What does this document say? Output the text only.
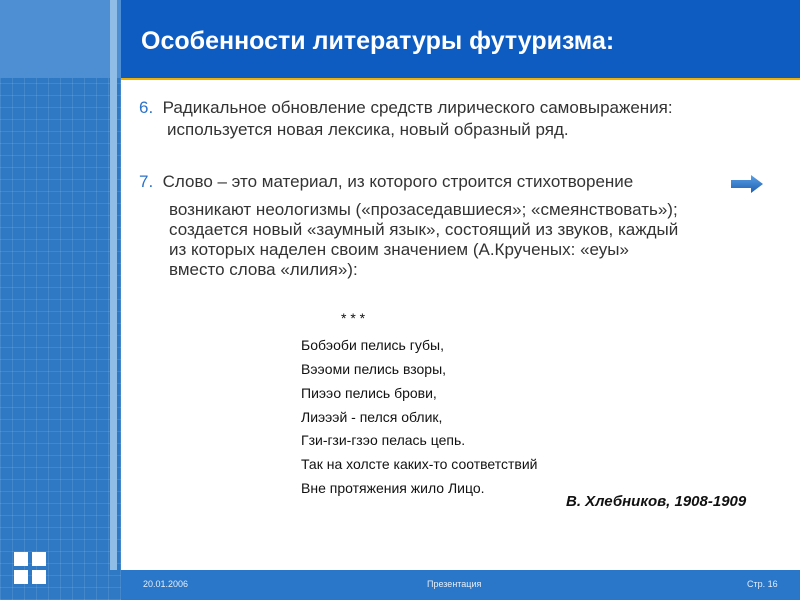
Особенности литературы футуризма:
6. Радикальное обновление средств лирического самовыражения:
используется новая лексика, новый образный ряд.
7. Слово – это материал, из которого строится стихотворение
возникают неологизмы («прозаседавшиеся»; «смеянствовать»);
создается новый «заумный язык», состоящий из звуков, каждый
из которых наделен своим значением (А.Крученых: «еуы»
вместо слова «лилия»):
* * *
Бобэоби пелись губы,
Вээоми пелись взоры,
Пиээо пелись брови,
Лиэээй - пелся облик,
Гзи-гзи-гзэо пелась цепь.
Так на холсте каких-то соответствий
Вне протяжения жило Лицо.
В. Хлебников, 1908-1909
20.01.2006	Презентация	Стр. 16
